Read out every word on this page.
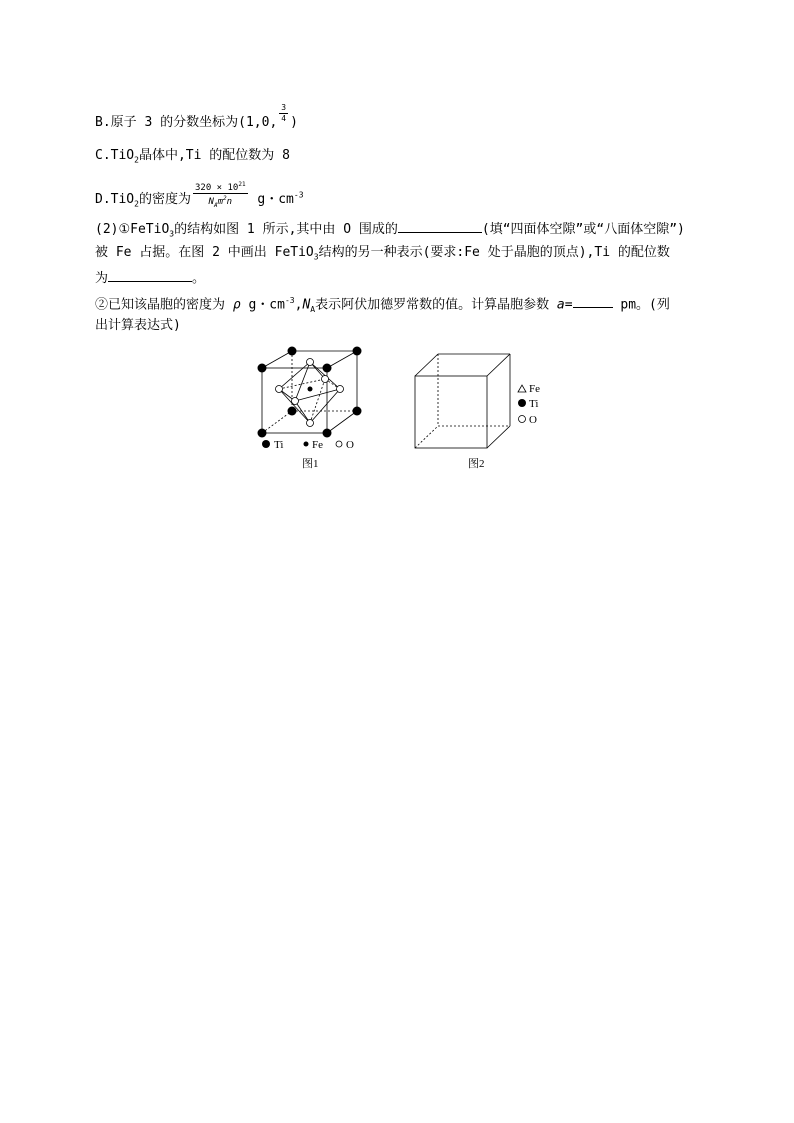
B.原子 3 的分数坐标为(1,0, $\frac{3}{4}$ )
C.TiO$_2$晶体中,Ti 的配位数为 8
D.TiO$_2$的密度为 $\frac{320 \times 10^{21}}{N_Am^2n}$ g・$cm^{-3}$
(2)①FeTiO$_3$的结构如图 1 所示,其中由 O 围成的	(填“四面体空隙”或“八面体空隙”)
被 Fe 占据。在图 2 中画出 FeTiO$_3$结构的另一种表示(要求:Fe 处于晶胞的顶点),Ti 的配位数
为	。
②已知该晶胞的密度为 ρ g・$cm^{-3},N_A$表示阿伏加德罗常数的值。计算晶胞参数 a=	pm。(列
出计算表达式)
Ti	Fe O
图1
Fe
Ti
O
图2
